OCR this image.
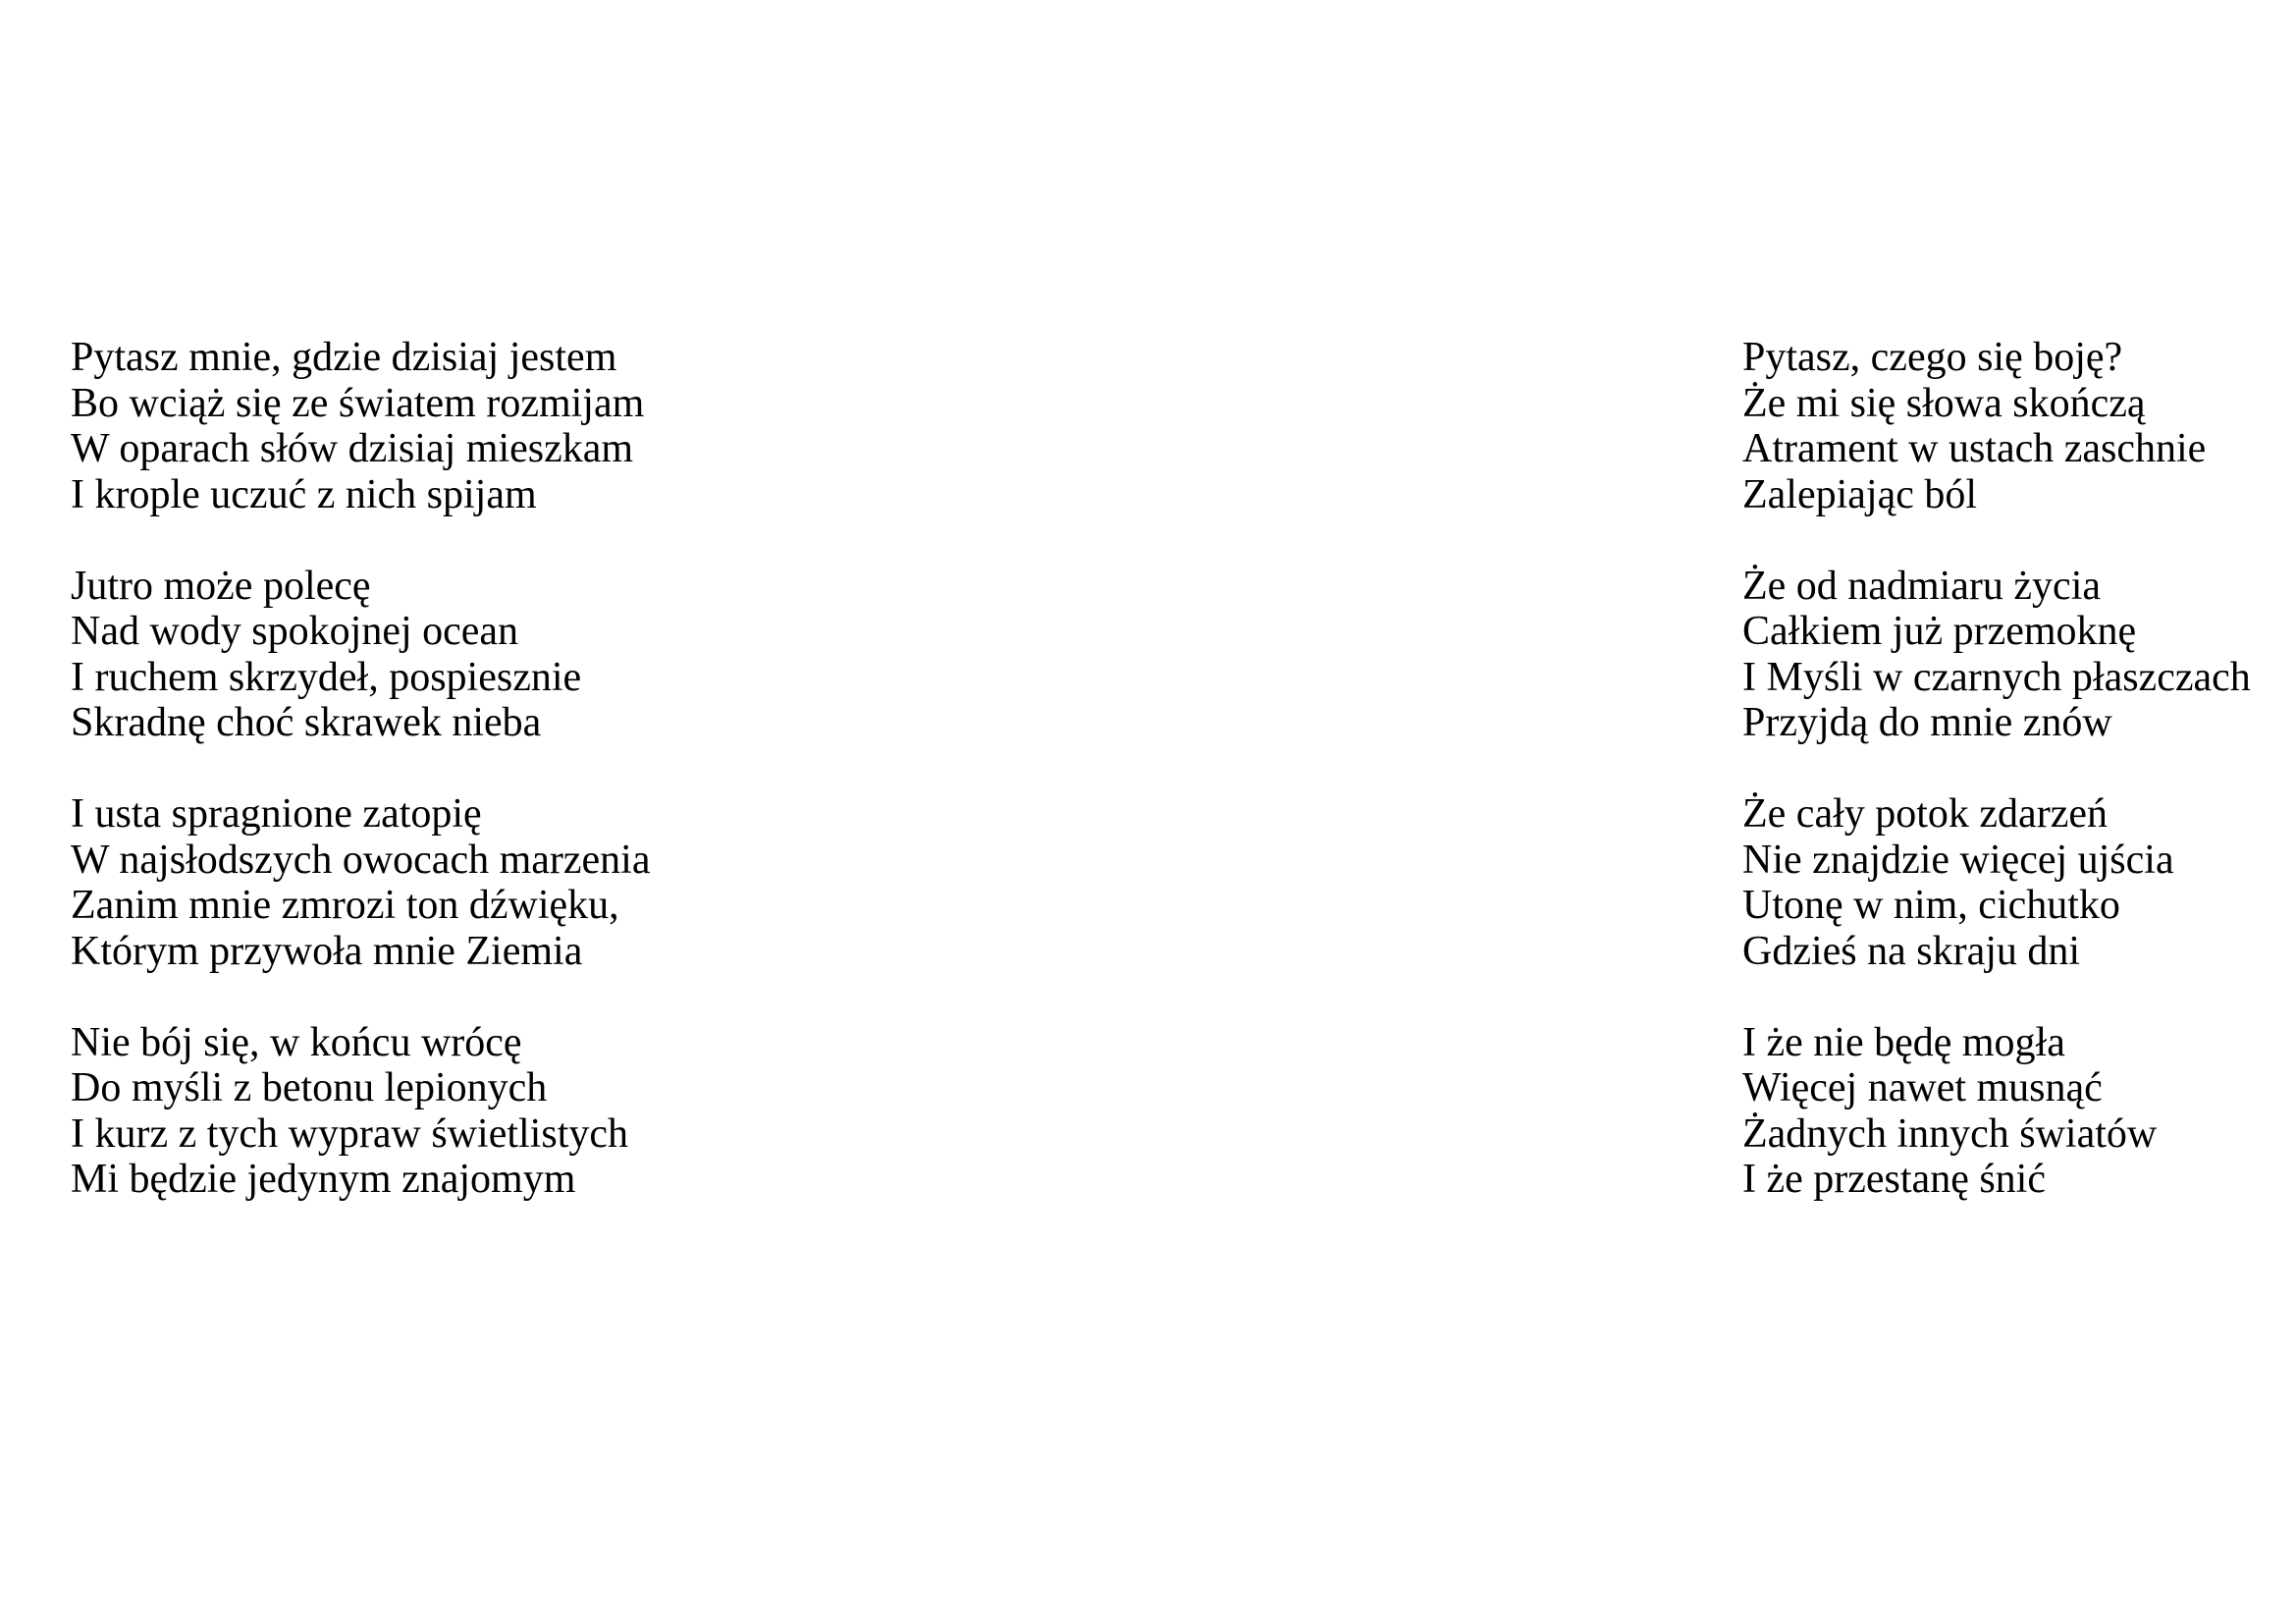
Pytasz mnie, gdzie dzisiaj jestem
Bo wciąż się ze światem rozmijam
W oparach słów dzisiaj mieszkam
I krople uczuć z nich spijam
Jutro może polecę
Nad wody spokojnej ocean
I ruchem skrzydeł, pospiesznie
Skradnę choć skrawek nieba
I usta spragnione zatopię
W najsłodszych owocach marzenia
Zanim mnie zmrozi ton dźwięku,
Którym przywoła mnie Ziemia
Nie bój się, w końcu wrócę
Do myśli z betonu lepionych
I kurz z tych wypraw świetlistych
Mi będzie jedynym znajomym
Pytasz, czego się boję?
Że mi się słowa skończą
Atrament w ustach zaschnie
Zalepiając ból
Że od nadmiaru życia
Całkiem już przemoknę
I Myśli w czarnych płaszczach
Przyjdą do mnie znów
Że cały potok zdarzeń
Nie znajdzie więcej ujścia
Utonę w nim, cichutko
Gdzieś na skraju dni
I że nie będę mogła
Więcej nawet musnąć
Żadnych innych światów
I że przestanę śnić
